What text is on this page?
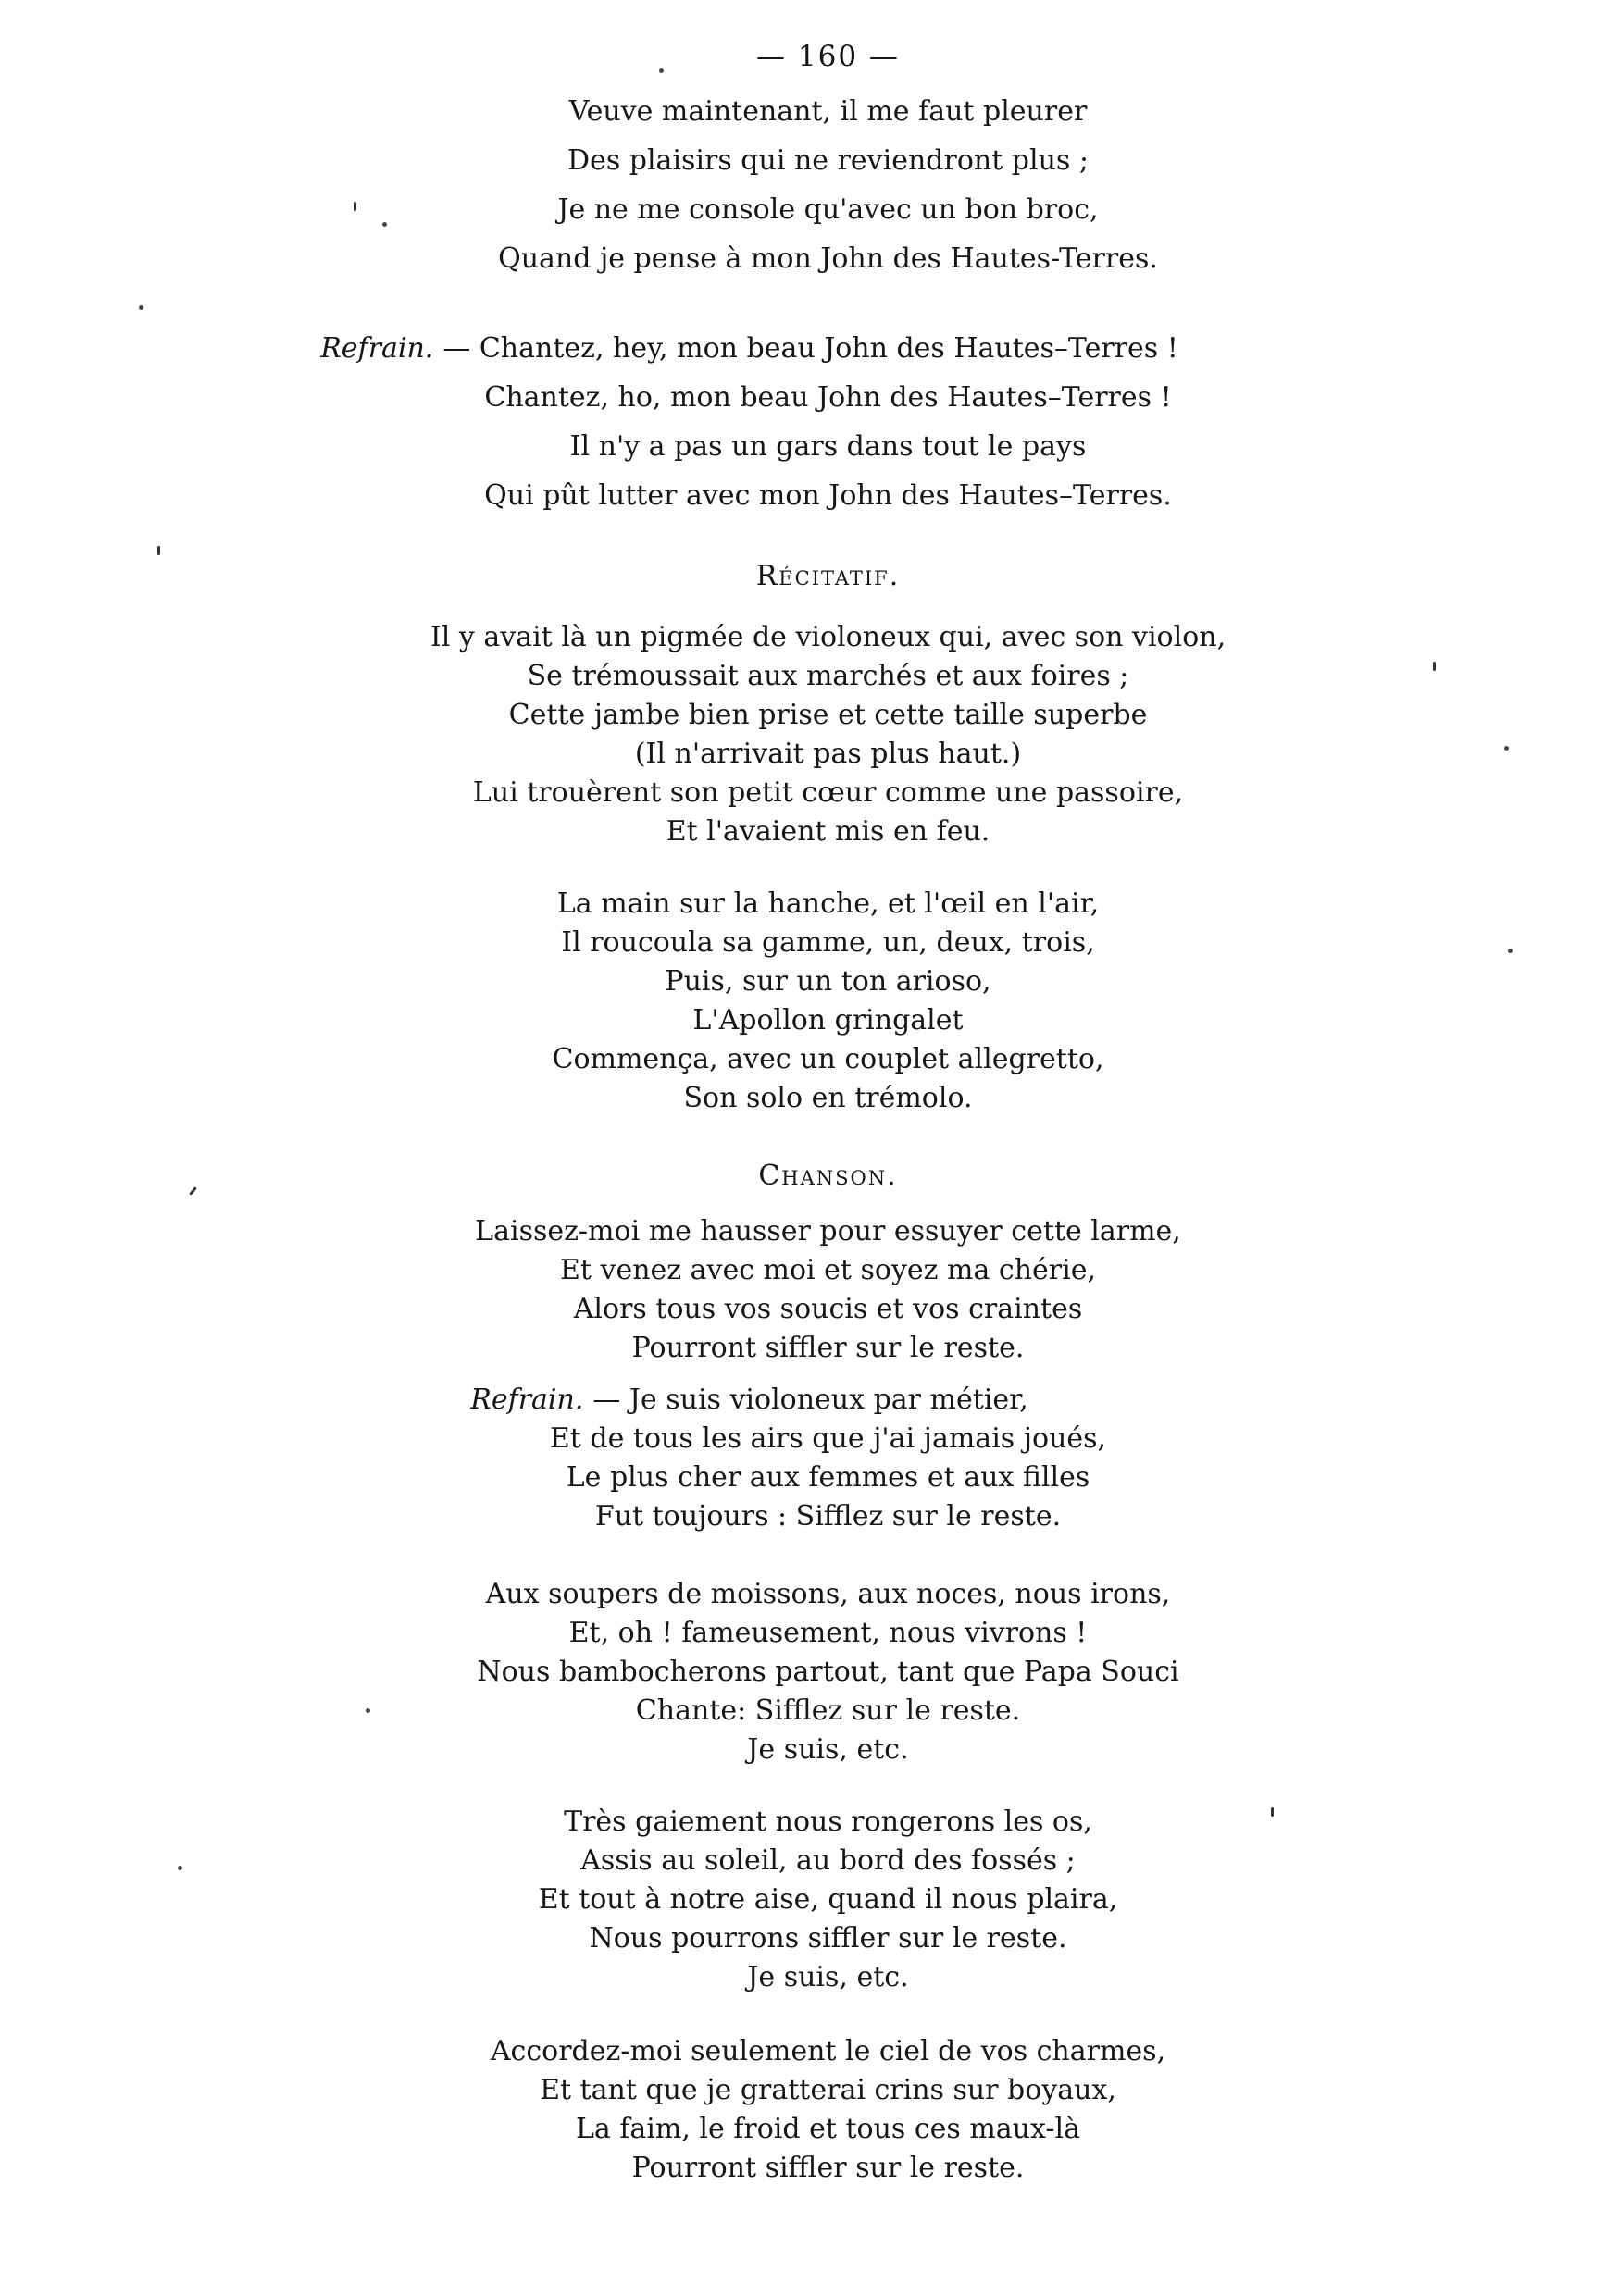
— 160 —
Veuve maintenant, il me faut pleurer
Des plaisirs qui ne reviendront plus ;
Je ne me console qu'avec un bon broc,
Quand je pense à mon John des Hautes-Terres.
Refrain. — Chantez, hey, mon beau John des Hautes–Terres !
Chantez, ho, mon beau John des Hautes–Terres !
Il n'y a pas un gars dans tout le pays
Qui pût lutter avec mon John des Hautes–Terres.
Récitatif.
Il y avait là un pigmée de violoneux qui, avec son violon,
Se trémoussait aux marchés et aux foires ;
Cette jambe bien prise et cette taille superbe
(Il n'arrivait pas plus haut.)
Lui trouèrent son petit cœur comme une passoire,
Et l'avaient mis en feu.
La main sur la hanche, et l'œil en l'air,
Il roucoula sa gamme, un, deux, trois,
Puis, sur un ton arioso,
L'Apollon gringalet
Commença, avec un couplet allegretto,
Son solo en trémolo.
Chanson.
Laissez-moi me hausser pour essuyer cette larme,
Et venez avec moi et soyez ma chérie,
Alors tous vos soucis et vos craintes
Pourront siffler sur le reste.
Refrain. — Je suis violoneux par métier,
Et de tous les airs que j'ai jamais joués,
Le plus cher aux femmes et aux filles
Fut toujours : Sifflez sur le reste.
Aux soupers de moissons, aux noces, nous irons,
Et, oh ! fameusement, nous vivrons !
Nous bambocherons partout, tant que Papa Souci
Chante: Sifflez sur le reste.
Je suis, etc.
Très gaiement nous rongerons les os,
Assis au soleil, au bord des fossés ;
Et tout à notre aise, quand il nous plaira,
Nous pourrons siffler sur le reste.
Je suis, etc.
Accordez-moi seulement le ciel de vos charmes,
Et tant que je gratterai crins sur boyaux,
La faim, le froid et tous ces maux-là
Pourront siffler sur le reste.
